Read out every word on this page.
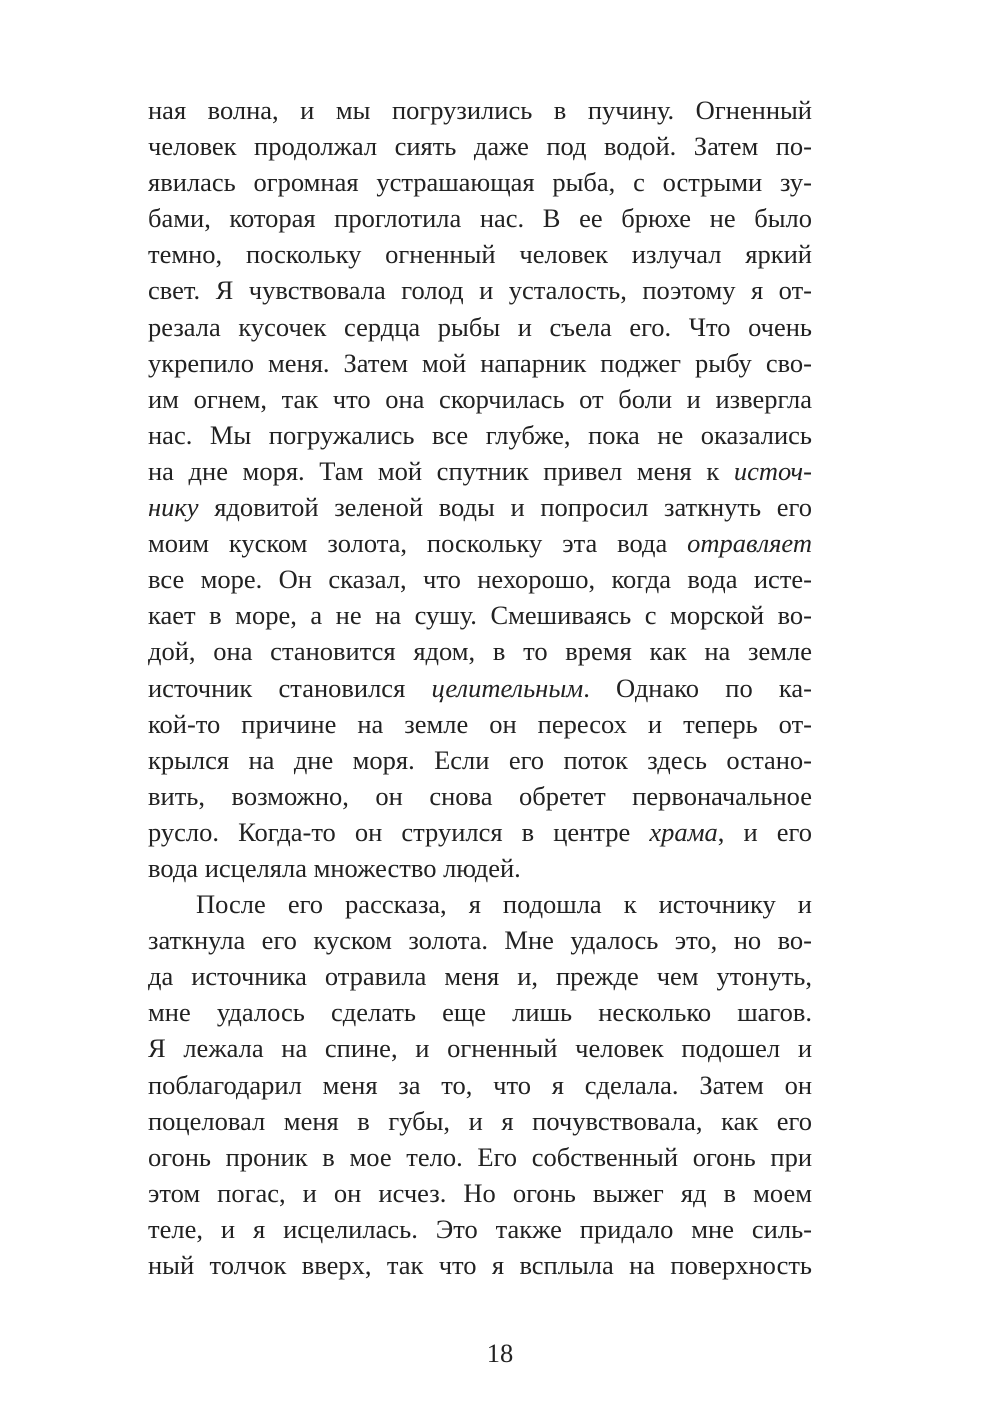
ная волна, и мы погрузились в пучину. Огненный
человек продолжал сиять даже под водой. Затем по-
явилась огромная устрашающая рыба, с острыми зу-
бами, которая проглотила нас. В ее брюхе не было
темно, поскольку огненный человек излучал яркий
свет. Я чувствовала голод и усталость, поэтому я от-
резала кусочек сердца рыбы и съела его. Что очень
укрепило меня. Затем мой напарник поджег рыбу сво-
им огнем, так что она скорчилась от боли и извергла
нас. Мы погружались все глубже, пока не оказались
на дне моря. Там мой спутник привел меня к источ-
нику ядовитой зеленой воды и попросил заткнуть его
моим куском золота, поскольку эта вода отравляет
все море. Он сказал, что нехорошо, когда вода исте-
кает в море, а не на сушу. Смешиваясь с морской во-
дой, она становится ядом, в то время как на земле
источник становился целительным. Однако по ка-
кой-то причине на земле он пересох и теперь от-
крылся на дне моря. Если его поток здесь остано-
вить, возможно, он снова обретет первоначальное
русло. Когда-то он струился в центре храма, и его
вода исцеляла множество людей.
После его рассказа, я подошла к источнику и
заткнула его куском золота. Мне удалось это, но во-
да источника отравила меня и, прежде чем утонуть,
мне удалось сделать еще лишь несколько шагов.
Я лежала на спине, и огненный человек подошел и
поблагодарил меня за то, что я сделала. Затем он
поцеловал меня в губы, и я почувствовала, как его
огонь проник в мое тело. Его собственный огонь при
этом погас, и он исчез. Но огонь выжег яд в моем
теле, и я исцелилась. Это также придало мне силь-
ный толчок вверх, так что я всплыла на поверхность
18
